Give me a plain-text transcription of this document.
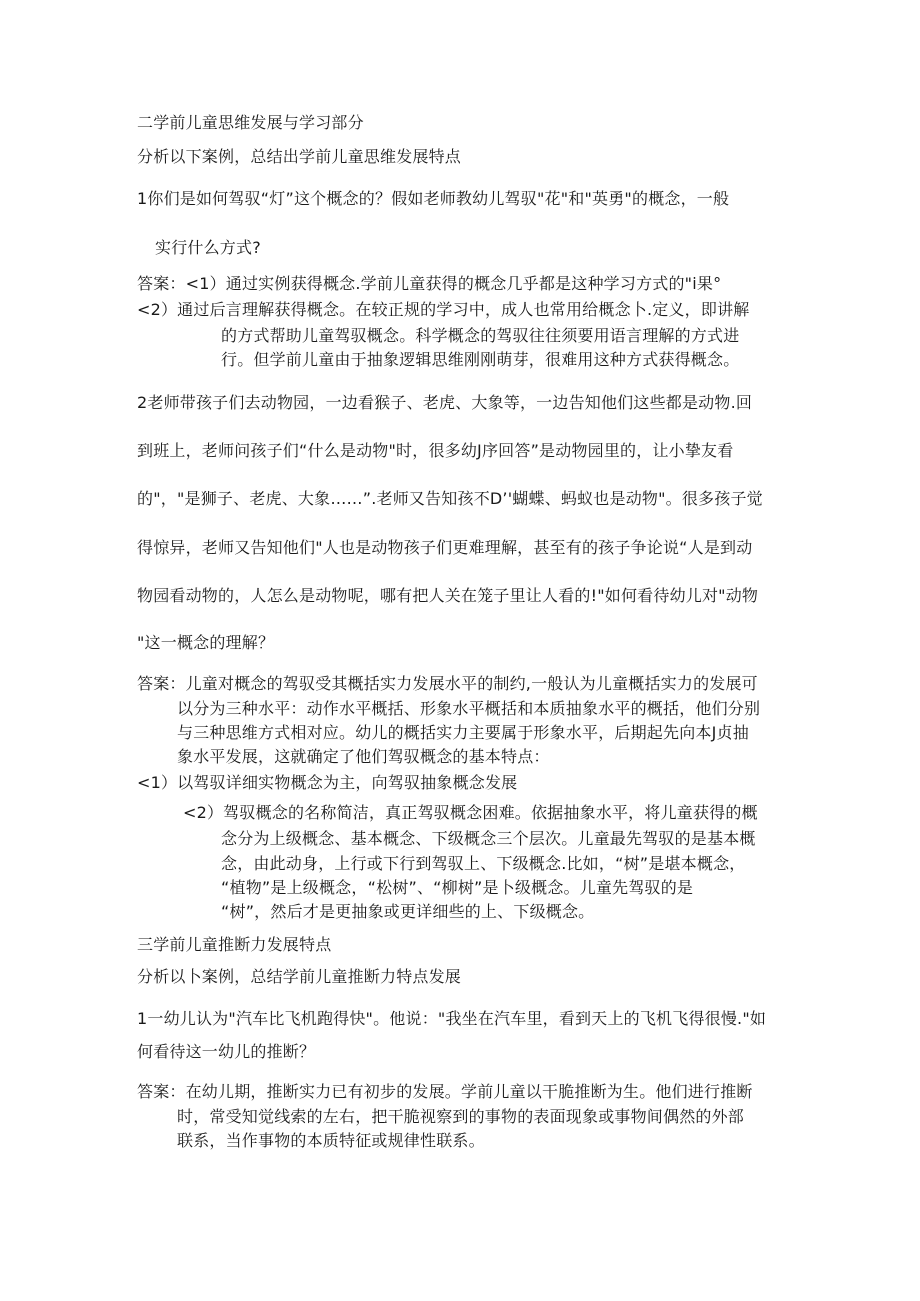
二学前儿童思维发展与学习部分
分析以下案例，总结出学前儿童思维发展特点
1你们是如何驾驭“灯”这个概念的？假如老师教幼儿驾驭"花"和"英勇"的概念，一般
实行什么方式?
答案：<1）通过实例获得概念.学前儿童获得的概念几乎都是这种学习方式的"i果°
<2）通过后言理解获得概念。在较正规的学习中，成人也常用给概念卜.定义，即讲解
的方式帮助儿童驾驭概念。科学概念的驾驭往往须要用语言理解的方式进
行。但学前儿童由于抽象逻辑思维刚刚萌芽，很难用这种方式获得概念。
2老师带孩子们去动物园，一边看猴子、老虎、大象等，一边告知他们这些都是动物.回
到班上，老师问孩子们“什么是动物"时，很多幼J序回答”是动物园里的，让小挚友看
的"，"是狮子、老虎、大象……”.老师又告知孩不D’'蝴蝶、蚂蚁也是动物"。很多孩子觉
得惊异，老师又告知他们"人也是动物孩子们更难理解，甚至有的孩子争论说“人是到动
物园看动物的，人怎么是动物呢，哪有把人关在笼子里让人看的!"如何看待幼儿对"动物
"这一概念的理解？
答案：儿童对概念的驾驭受其概括实力发展水平的制约,一般认为儿童概括实力的发展可
以分为三种水平：动作水平概括、形象水平概括和本质抽象水平的概括，他们分别
与三种思维方式相对应。幼儿的概括实力主要属于形象水平，后期起先向本J贞抽
象水平发展，这就确定了他们驾驭概念的基本特点：
<1）以驾驭详细实物概念为主，向驾驭抽象概念发展
<2）驾驭概念的名称简洁，真正驾驭概念困难。依据抽象水平，将儿童获得的概
念分为上级概念、基本概念、下级概念三个层次。儿童最先驾驭的是基本概
念，由此动身，上行或下行到驾驭上、下级概念.比如，“树”是堪本概念，
“植物”是上级概念，“松树”、“柳树”是卜级概念。儿童先驾驭的是
“树”，然后才是更抽象或更详细些的上、下级概念。
三学前儿童推断力发展特点
分析以卜案例，总结学前儿童推断力特点发展
1一幼儿认为"汽车比飞机跑得快"。他说："我坐在汽车里，看到天上的飞机飞得很慢."如
何看待这一幼儿的推断？
答案：在幼儿期，推断实力已有初步的发展。学前儿童以干脆推断为生。他们进行推断
时，常受知觉线索的左右，把干脆视察到的事物的表面现象或事物间偶然的外部
联系，当作事物的本质特征或规律性联系。
